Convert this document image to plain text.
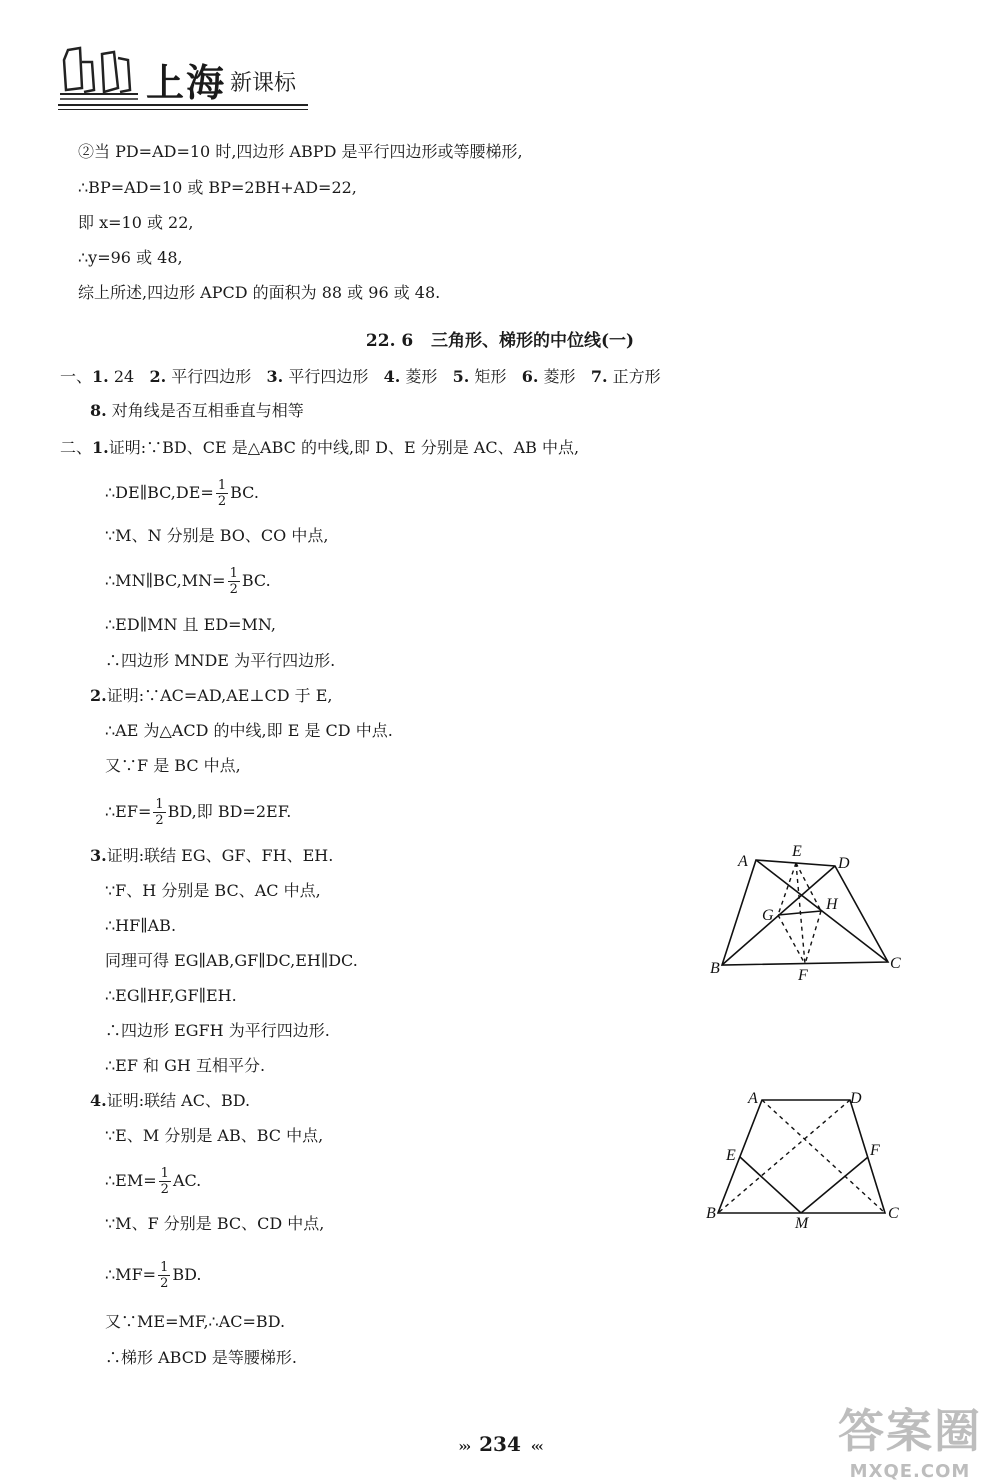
上海 新课标
②当 PD=AD=10 时,四边形 ABPD 是平行四边形或等腰梯形,
∴BP=AD=10 或 BP=2BH+AD=22,
即 x=10 或 22,
∴y=96 或 48,
综上所述,四边形 APCD 的面积为 88 或 96 或 48.
22. 6   三角形、梯形的中位线(一)
一、1. 24 2. 平行四边形 3. 平行四边形 4. 菱形 5. 矩形 6. 菱形 7. 正方形
8. 对角线是否互相垂直与相等
二、1.证明:∵BD、CE 是△ABC 的中线,即 D、E 分别是 AC、AB 中点,
∴DE∥BC,DE= $\frac{1}{2}$ BC.
∵M、N 分别是 BO、CO 中点,
∴MN∥BC,MN= $\frac{1}{2}$ BC.
∴ED∥MN 且 ED=MN,
∴四边形 MNDE 为平行四边形.
2.证明:∵AC=AD,AE⊥CD 于 E,
∴AE 为△ACD 的中线,即 E 是 CD 中点.
又∵F 是 BC 中点,
∴EF= $\frac{1}{2}$ BD,即 BD=2EF.
3.证明:联结 EG、GF、FH、EH.
∵F、H 分别是 BC、AC 中点,
∴HF∥AB.
同理可得 EG∥AB,GF∥DC,EH∥DC.
∴EG∥HF,GF∥EH.
∴四边形 EGFH 为平行四边形.
∴EF 和 GH 互相平分.
A
E
D
G
H
B	F
C
4.证明:联结 AC、BD.
∵E、M 分别是 AB、BC 中点,
∴EM= $\frac{1}{2}$ AC.
∵M、F 分别是 BC、CD 中点,
∴MF= $\frac{1}{2}$ BD.
又∵ME=MF,∴AC=BD.
∴梯形 ABCD 是等腰梯形.
A	D
E	F
B
M
C
››› 234 ‹‹‹	答案圈
MXQE.COM
